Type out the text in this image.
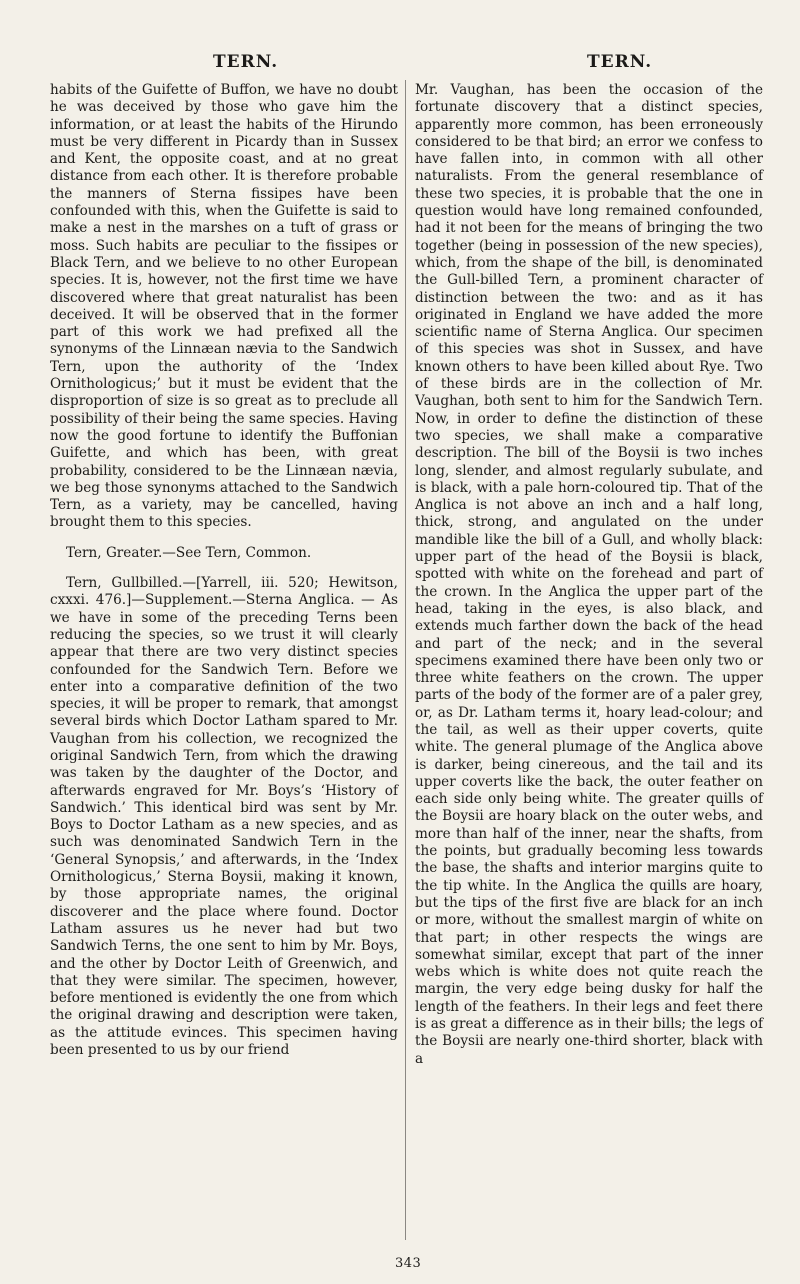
TERN.	TERN.

habits of the Guifette of Buffon, we have no doubt he was deceived by those who gave him the information, or at least the habits of the Hirundo must be very different in Picardy than in Sussex and Kent, the opposite coast, and at no great distance from each other. It is therefore probable the manners of Sterna fissipes have been confounded with this, when the Guifette is said to make a nest in the marshes on a tuft of grass or moss. Such habits are peculiar to the fissipes or Black Tern, and we believe to no other European species. It is, however, not the first time we have discovered where that great naturalist has been deceived. It will be observed that in the former part of this work we had prefixed all the synonyms of the Linnæan nævia to the Sandwich Tern, upon the authority of the ‘Index Ornithologicus;’ but it must be evident that the disproportion of size is so great as to preclude all possibility of their being the same species. Having now the good fortune to identify the Buffonian Guifette, and which has been, with great probability, considered to be the Linnæan nævia, we beg those synonyms attached to the Sandwich Tern, as a variety, may be cancelled, having brought them to this species.

Tern, Greater.—See Tern, Common.

Tern, Gullbilled.—[Yarrell, iii. 520; Hewitson, cxxxi. 476.]—Supplement.—Sterna Anglica. — As we have in some of the preceding Terns been reducing the species, so we trust it will clearly appear that there are two very distinct species confounded for the Sandwich Tern. Before we enter into a comparative definition of the two species, it will be proper to remark, that amongst several birds which Doctor Latham spared to Mr. Vaughan from his collection, we recognized the original Sandwich Tern, from which the drawing was taken by the daughter of the Doctor, and afterwards engraved for Mr. Boys’s ‘History of Sandwich.’ This identical bird was sent by Mr. Boys to Doctor Latham as a new species, and as such was denominated Sandwich Tern in the ‘General Synopsis,’ and afterwards, in the ‘Index Ornithologicus,’ Sterna Boysii, making it known, by those appropriate names, the original discoverer and the place where found. Doctor Latham assures us he never had but two Sandwich Terns, the one sent to him by Mr. Boys, and the other by Doctor Leith of Greenwich, and that they were similar. The specimen, however, before mentioned is evidently the one from which the original drawing and description were taken, as the attitude evinces. This specimen having been presented to us by our friend

Mr. Vaughan, has been the occasion of the fortunate discovery that a distinct species, apparently more common, has been erroneously considered to be that bird; an error we confess to have fallen into, in common with all other naturalists. From the general resemblance of these two species, it is probable that the one in question would have long remained confounded, had it not been for the means of bringing the two together (being in possession of the new species), which, from the shape of the bill, is denominated the Gull-billed Tern, a prominent character of distinction between the two: and as it has originated in England we have added the more scientific name of Sterna Anglica. Our specimen of this species was shot in Sussex, and have known others to have been killed about Rye. Two of these birds are in the collection of Mr. Vaughan, both sent to him for the Sandwich Tern. Now, in order to define the distinction of these two species, we shall make a comparative description. The bill of the Boysii is two inches long, slender, and almost regularly subulate, and is black, with a pale horn-coloured tip. That of the Anglica is not above an inch and a half long, thick, strong, and angulated on the under mandible like the bill of a Gull, and wholly black: upper part of the head of the Boysii is black, spotted with white on the forehead and part of the crown. In the Anglica the upper part of the head, taking in the eyes, is also black, and extends much farther down the back of the head and part of the neck; and in the several specimens examined there have been only two or three white feathers on the crown. The upper parts of the body of the former are of a paler grey, or, as Dr. Latham terms it, hoary lead-colour; and the tail, as well as their upper coverts, quite white. The general plumage of the Anglica above is darker, being cinereous, and the tail and its upper coverts like the back, the outer feather on each side only being white. The greater quills of the Boysii are hoary black on the outer webs, and more than half of the inner, near the shafts, from the points, but gradually becoming less towards the base, the shafts and interior margins quite to the tip white. In the Anglica the quills are hoary, but the tips of the first five are black for an inch or more, without the smallest margin of white on that part; in other respects the wings are somewhat similar, except that part of the inner webs which is white does not quite reach the margin, the very edge being dusky for half the length of the feathers. In their legs and feet there is as great a difference as in their bills; the legs of the Boysii are nearly one-third shorter, black with a

343
